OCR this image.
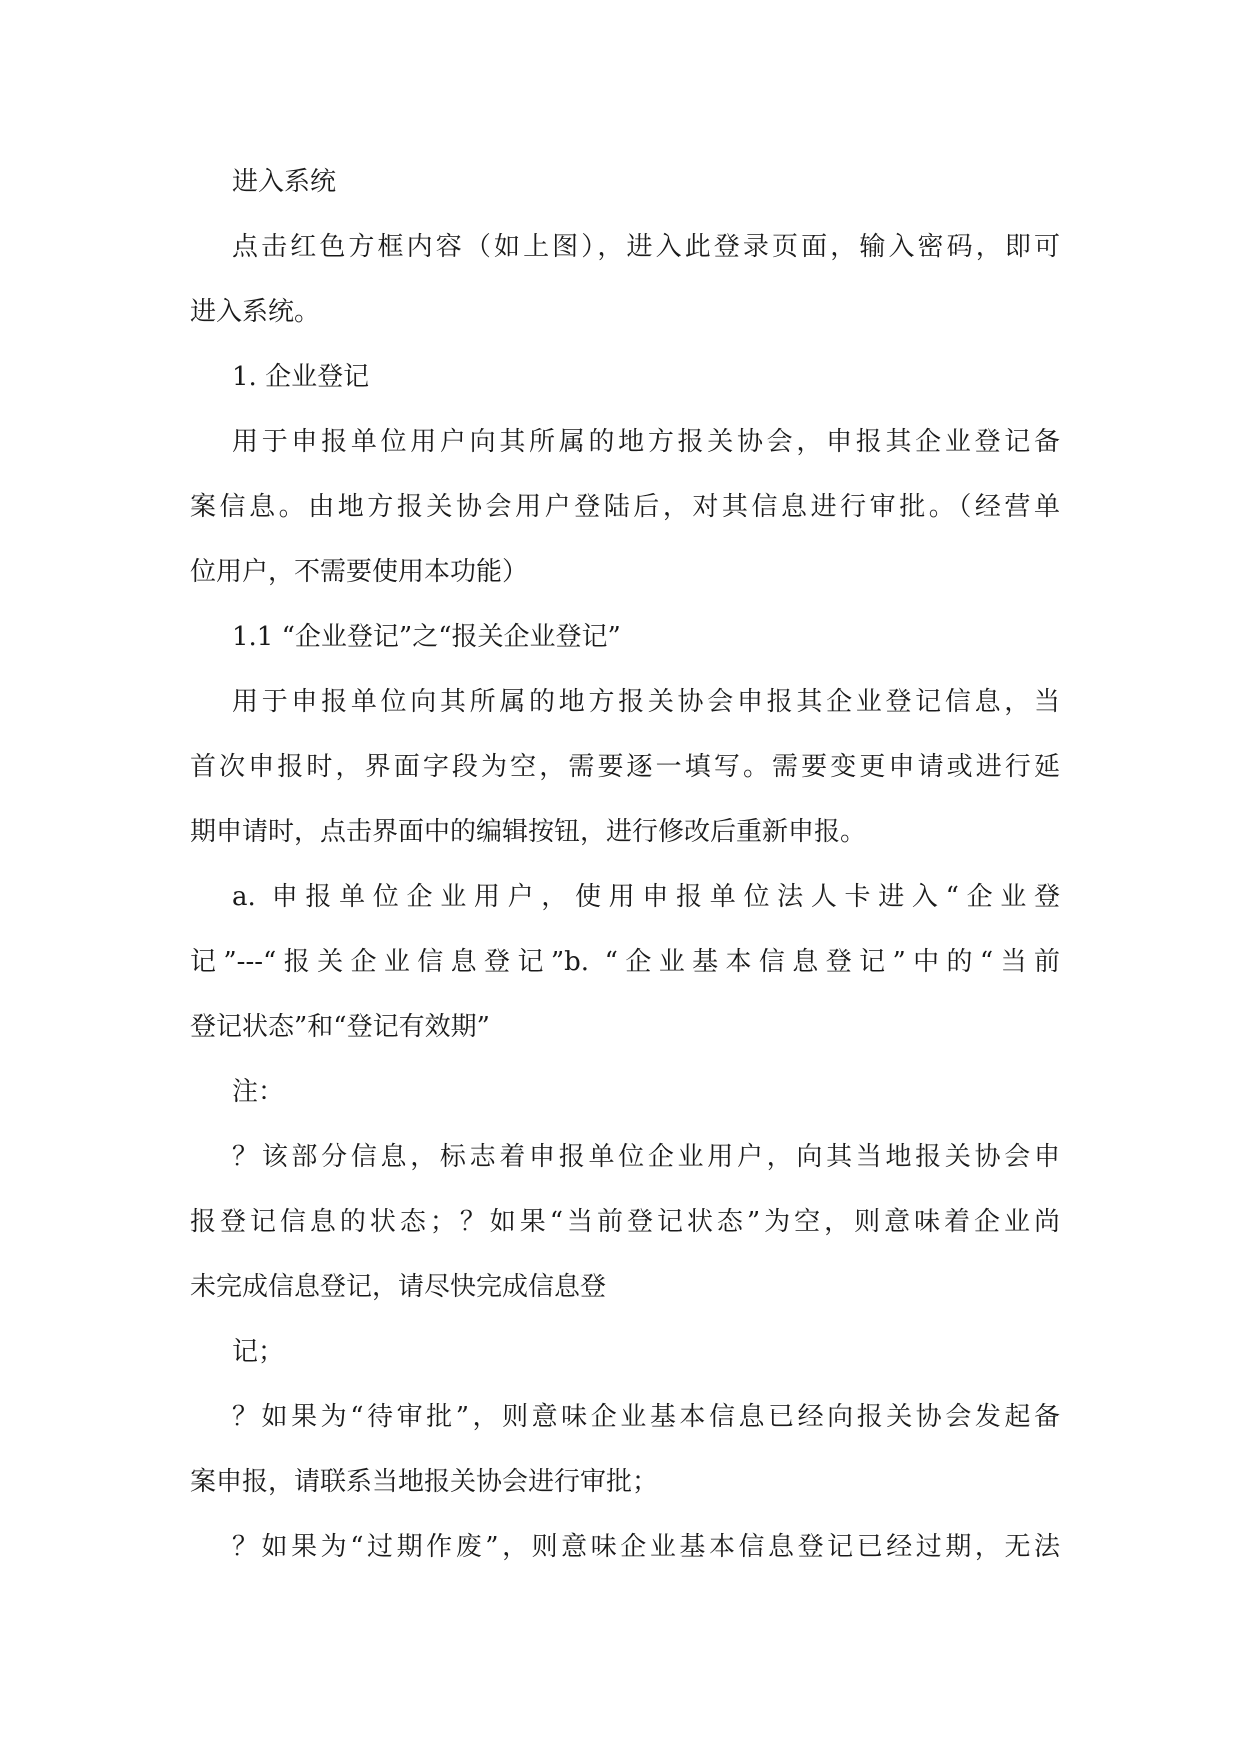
进入系统
点击红色方框内容（如上图），进入此登录页面，输入密码，即可
进入系统。
1. 企业登记
用于申报单位用户向其所属的地方报关协会，申报其企业登记备
案信息。由地方报关协会用户登陆后，对其信息进行审批。（经营单
位用户，不需要使用本功能）
1.1 “企业登记”之“报关企业登记”
用于申报单位向其所属的地方报关协会申报其企业登记信息，当
首次申报时，界面字段为空，需要逐一填写。需要变更申请或进行延
期申请时，点击界面中的编辑按钮，进行修改后重新申报。
a. 申报单位企业用户，使用申报单位法人卡进入“企业登
记”---“报关企业信息登记”b. “企业基本信息登记”中的“当前
登记状态”和“登记有效期”
注：
？该部分信息，标志着申报单位企业用户，向其当地报关协会申
报登记信息的状态；？如果“当前登记状态”为空，则意味着企业尚
未完成信息登记，请尽快完成信息登
记；
？如果为“待审批”，则意味企业基本信息已经向报关协会发起备
案申报，请联系当地报关协会进行审批；
？如果为“过期作废”，则意味企业基本信息登记已经过期，无法
